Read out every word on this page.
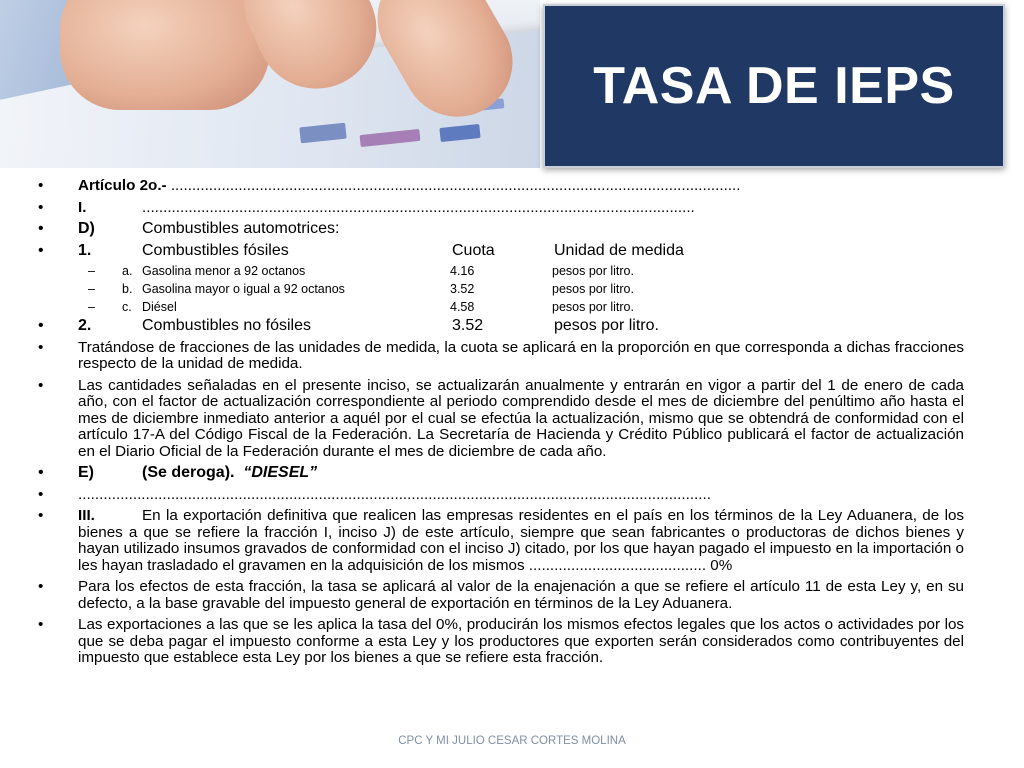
TASA DE IEPS
• Artículo 2o.- .......................................................................................................................................
• I.	...................................................................................................................................
• D)	Combustibles automotrices:
• 1.	Combustibles fósiles	Cuota	Unidad de medida
– a. Gasolina menor a 92 octanos	4.16	pesos por litro.
– b. Gasolina mayor o igual a 92 octanos	3.52	pesos por litro.
– c. Diésel	4.58	pesos por litro.
• 2.	Combustibles no fósiles	3.52	pesos por litro.
• Tratándose de fracciones de las unidades de medida, la cuota se aplicará en la proporción en que corresponda a dichas fracciones respecto de la unidad de medida.
• Las cantidades señaladas en el presente inciso, se actualizarán anualmente y entrarán en vigor a partir del 1 de enero de cada año, con el factor de actualización correspondiente al periodo comprendido desde el mes de diciembre del penúltimo año hasta el mes de diciembre inmediato anterior a aquél por el cual se efectúa la actualización, mismo que se obtendrá de conformidad con el artículo 17-A del Código Fiscal de la Federación. La Secretaría de Hacienda y Crédito Público publicará el factor de actualización en el Diario Oficial de la Federación durante el mes de diciembre de cada año.
• E)	(Se deroga). “DIESEL”
• ......................................................................................................................................................
• III.	En la exportación definitiva que realicen las empresas residentes en el país en los términos de la Ley Aduanera, de los bienes a que se refiere la fracción I, inciso J) de este artículo, siempre que sean fabricantes o productoras de dichos bienes y hayan utilizado insumos gravados de conformidad con el inciso J) citado, por los que hayan pagado el impuesto en la importación o les hayan trasladado el gravamen en la adquisición de los mismos .......................................... 0%
• Para los efectos de esta fracción, la tasa se aplicará al valor de la enajenación a que se refiere el artículo 11 de esta Ley y, en su defecto, a la base gravable del impuesto general de exportación en términos de la Ley Aduanera.
• Las exportaciones a las que se les aplica la tasa del 0%, producirán los mismos efectos legales que los actos o actividades por los que se deba pagar el impuesto conforme a esta Ley y los productores que exporten serán considerados como contribuyentes del impuesto que establece esta Ley por los bienes a que se refiere esta fracción.
CPC Y MI JULIO CESAR CORTES MOLINA
